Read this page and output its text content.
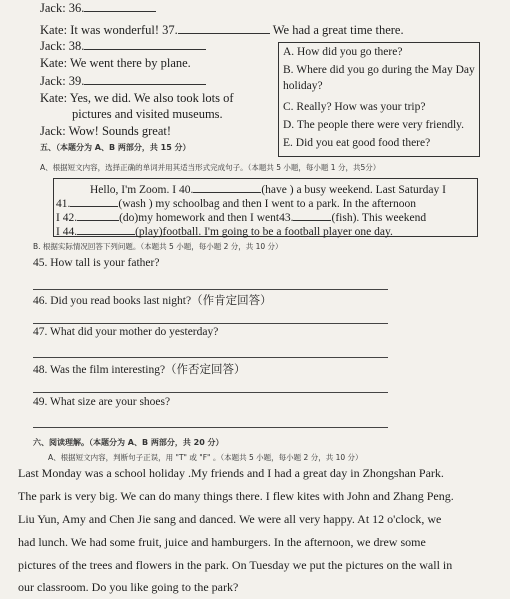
Jack: 36.
Kate: It was wonderful! 37.	We had a great time there.
Jack: 38.
Kate: We went there by plane.
Jack: 39.
Kate: Yes, we did. We also took lots of
pictures and visited museums.
Jack: Wow! Sounds great!
A. How did you go there?
B. Where did you go during the May Day
holiday?
C. Really? How was your trip?
D. The people there were very friendly.
E. Did you eat good food there?
五、（本题分为 A、B 两部分，共 15 分）
A、根据短文内容，选择正确的单词并用其适当形式完成句子。（本题共 5 小题，每小题 1 分，共5分）
Hello, I'm Zoom. I 40.	(have ) a busy weekend. Last Saturday I
41.	(wash ) my schoolbag and then I went to a park. In the afternoon
I 42.	(do)my homework and then I went43.	(fish). This weekend
I 44.	(play)football. I'm going to be a football player one day.
B. 根据实际情况回答下列问题。（本题共 5 小题，每小题 2 分，共 10 分）
45. How tall is your father?
46. Did you read books last night?（作肯定回答）
47. What did your mother do yesterday?
48. Was the film interesting?（作否定回答）
49. What size are your shoes?
六、阅读理解。（本题分为 A、B 两部分，共 20 分）
A、根据短文内容，判断句子正误，用 "T" 或 "F" 。（本题共 5 小题，每小题 2 分，共 10 分）
Last Monday was a school holiday .My friends and I had a great day in Zhongshan Park.
The park is very big. We can do many things there. I flew kites with John and Zhang Peng.
Liu Yun, Amy and Chen Jie sang and danced. We were all very happy. At 12 o'clock, we
had lunch. We had some fruit, juice and hamburgers. In the afternoon, we drew some
pictures of the trees and flowers in the park. On Tuesday we put the pictures on the wall in
our classroom. Do you like going to the park?
